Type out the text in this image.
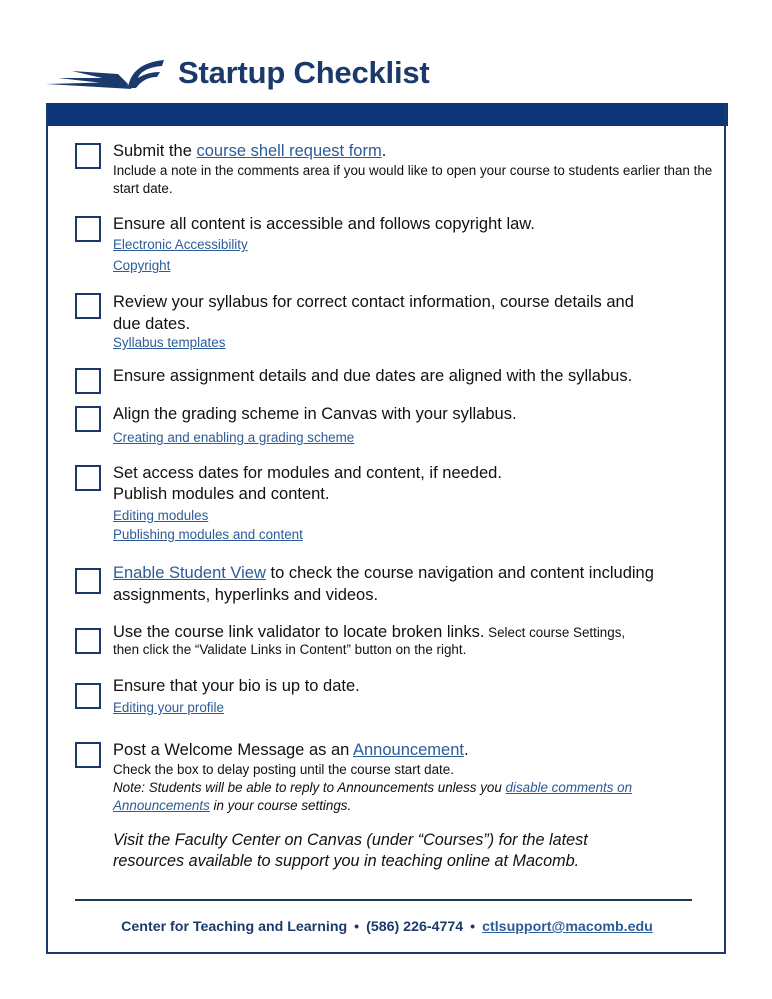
Startup Checklist
Submit the course shell request form.
Include a note in the comments area if you would like to open your course to students earlier than the start date.
Ensure all content is accessible and follows copyright law.
Electronic Accessibility
Copyright
Review your syllabus for correct contact information, course details and due dates.
Syllabus templates
Ensure assignment details and due dates are aligned with the syllabus.
Align the grading scheme in Canvas with your syllabus.
Creating and enabling a grading scheme
Set access dates for modules and content, if needed.
Publish modules and content.
Editing modules
Publishing modules and content
Enable Student View to check the course navigation and content including assignments, hyperlinks and videos.
Use the course link validator to locate broken links. Select course Settings,
then click the “Validate Links in Content” button on the right.
Ensure that your bio is up to date.
Editing your profile
Post a Welcome Message as an Announcement.
Check the box to delay posting until the course start date.
Note: Students will be able to reply to Announcements unless you disable comments on Announcements in your course settings.
Visit the Faculty Center on Canvas (under “Courses”) for the latest resources available to support you in teaching online at Macomb.
Center for Teaching and Learning • (586) 226-4774 • ctlsupport@macomb.edu
